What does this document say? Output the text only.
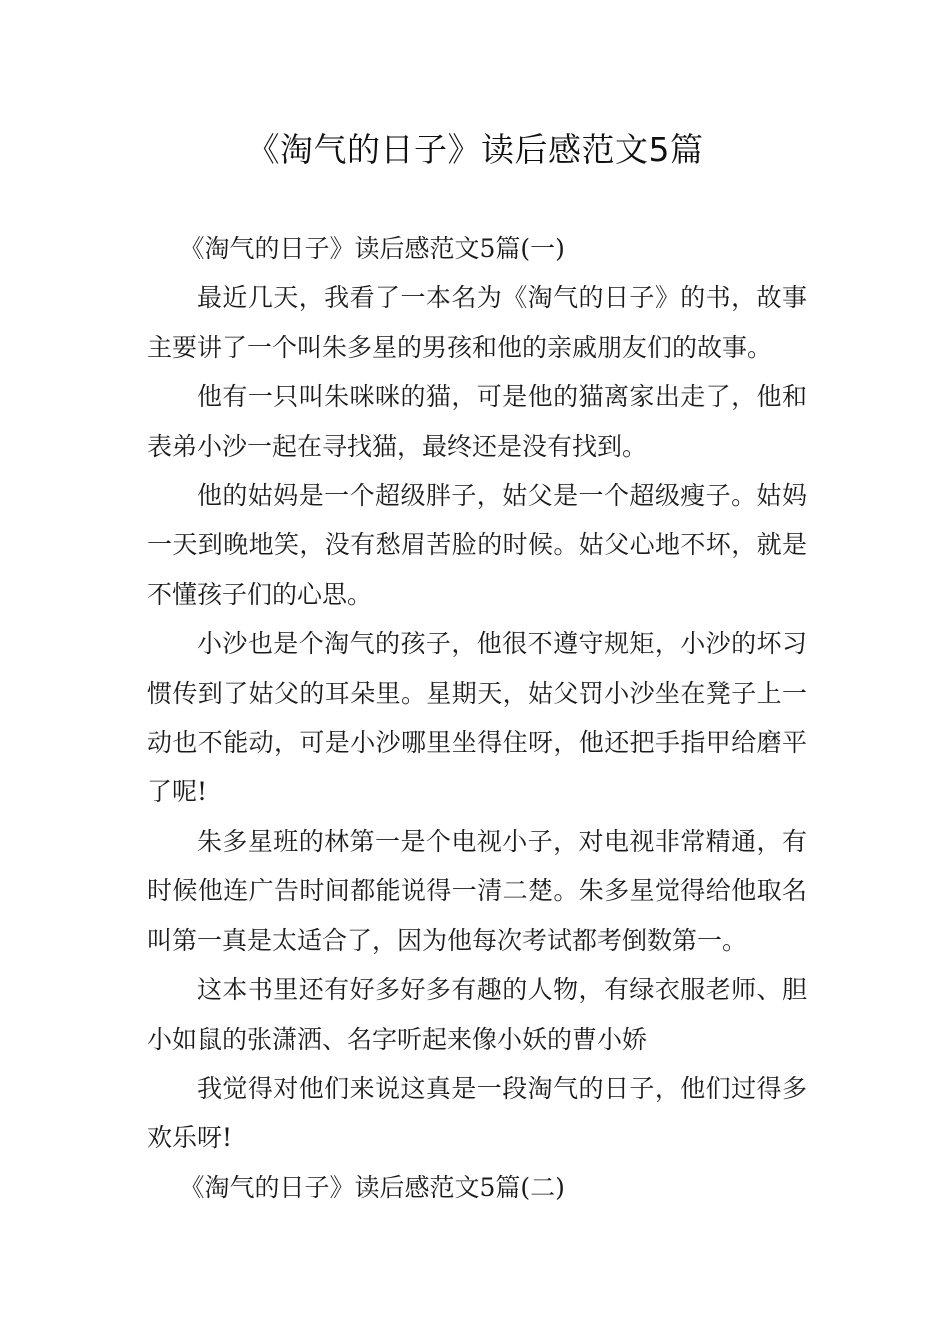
《淘气的日子》读后感范文5篇

《淘气的日子》读后感范文5篇(一)

最近几天，我看了一本名为《淘气的日子》的书，故事主要讲了一个叫朱多星的男孩和他的亲戚朋友们的故事。

他有一只叫朱咪咪的猫，可是他的猫离家出走了，他和表弟小沙一起在寻找猫，最终还是没有找到。

他的姑妈是一个超级胖子，姑父是一个超级瘦子。姑妈一天到晚地笑，没有愁眉苦脸的时候。姑父心地不坏，就是不懂孩子们的心思。

小沙也是个淘气的孩子，他很不遵守规矩，小沙的坏习惯传到了姑父的耳朵里。星期天，姑父罚小沙坐在凳子上一动也不能动，可是小沙哪里坐得住呀，他还把手指甲给磨平了呢!

朱多星班的林第一是个电视小子，对电视非常精通，有时候他连广告时间都能说得一清二楚。朱多星觉得给他取名叫第一真是太适合了，因为他每次考试都考倒数第一。

这本书里还有好多好多有趣的人物，有绿衣服老师、胆小如鼠的张潇洒、名字听起来像小妖的曹小娇

我觉得对他们来说这真是一段淘气的日子，他们过得多欢乐呀!

《淘气的日子》读后感范文5篇(二)
